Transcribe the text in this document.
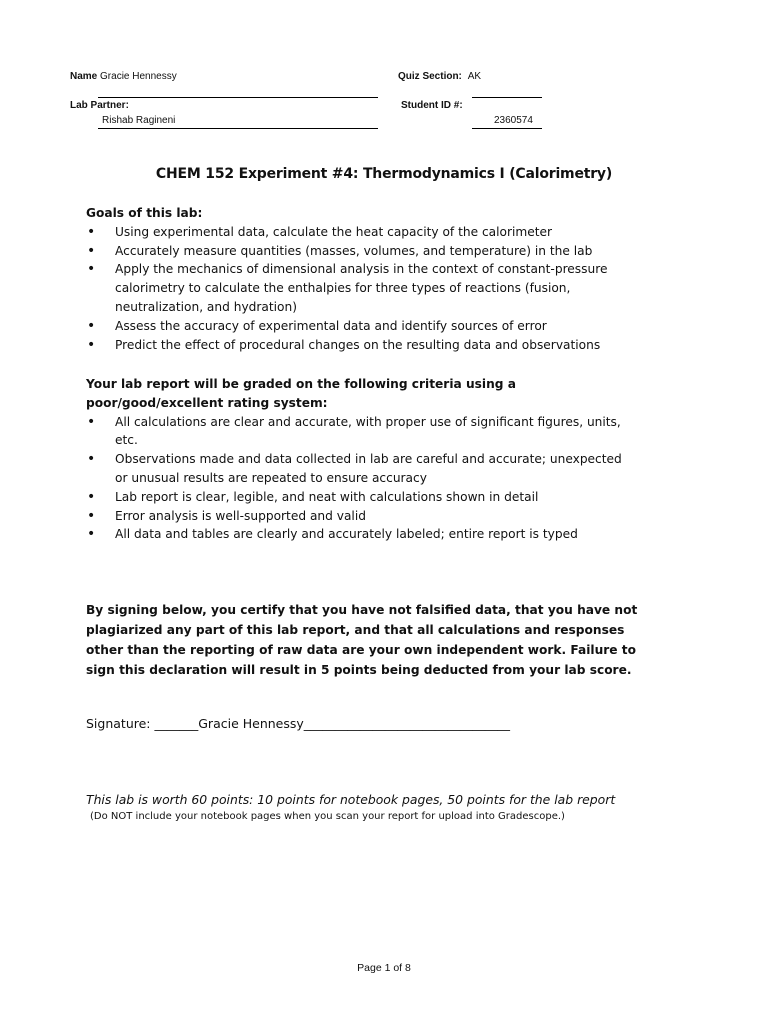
Name Gracie Hennessy	Quiz Section: AK
Lab Partner:
Rishab Ragineni
Student ID #:
2360574
CHEM 152 Experiment #4: Thermodynamics I (Calorimetry)
Goals of this lab:
• Using experimental data, calculate the heat capacity of the calorimeter
• Accurately measure quantities (masses, volumes, and temperature) in the lab
• Apply the mechanics of dimensional analysis in the context of constant-pressure calorimetry to calculate the enthalpies for three types of reactions (fusion, neutralization, and hydration)
• Assess the accuracy of experimental data and identify sources of error
• Predict the effect of procedural changes on the resulting data and observations
Your lab report will be graded on the following criteria using a poor/good/excellent rating system:
• All calculations are clear and accurate, with proper use of significant figures, units, etc.
• Observations made and data collected in lab are careful and accurate; unexpected or unusual results are repeated to ensure accuracy
• Lab report is clear, legible, and neat with calculations shown in detail
• Error analysis is well-supported and valid
• All data and tables are clearly and accurately labeled; entire report is typed
By signing below, you certify that you have not falsified data, that you have not plagiarized any part of this lab report, and that all calculations and responses other than the reporting of raw data are your own independent work. Failure to sign this declaration will result in 5 points being deducted from your lab score.
Signature: _______Gracie Hennessy_________________________________
This lab is worth 60 points: 10 points for notebook pages, 50 points for the lab report
(Do NOT include your notebook pages when you scan your report for upload into Gradescope.)
Page 1 of 8
